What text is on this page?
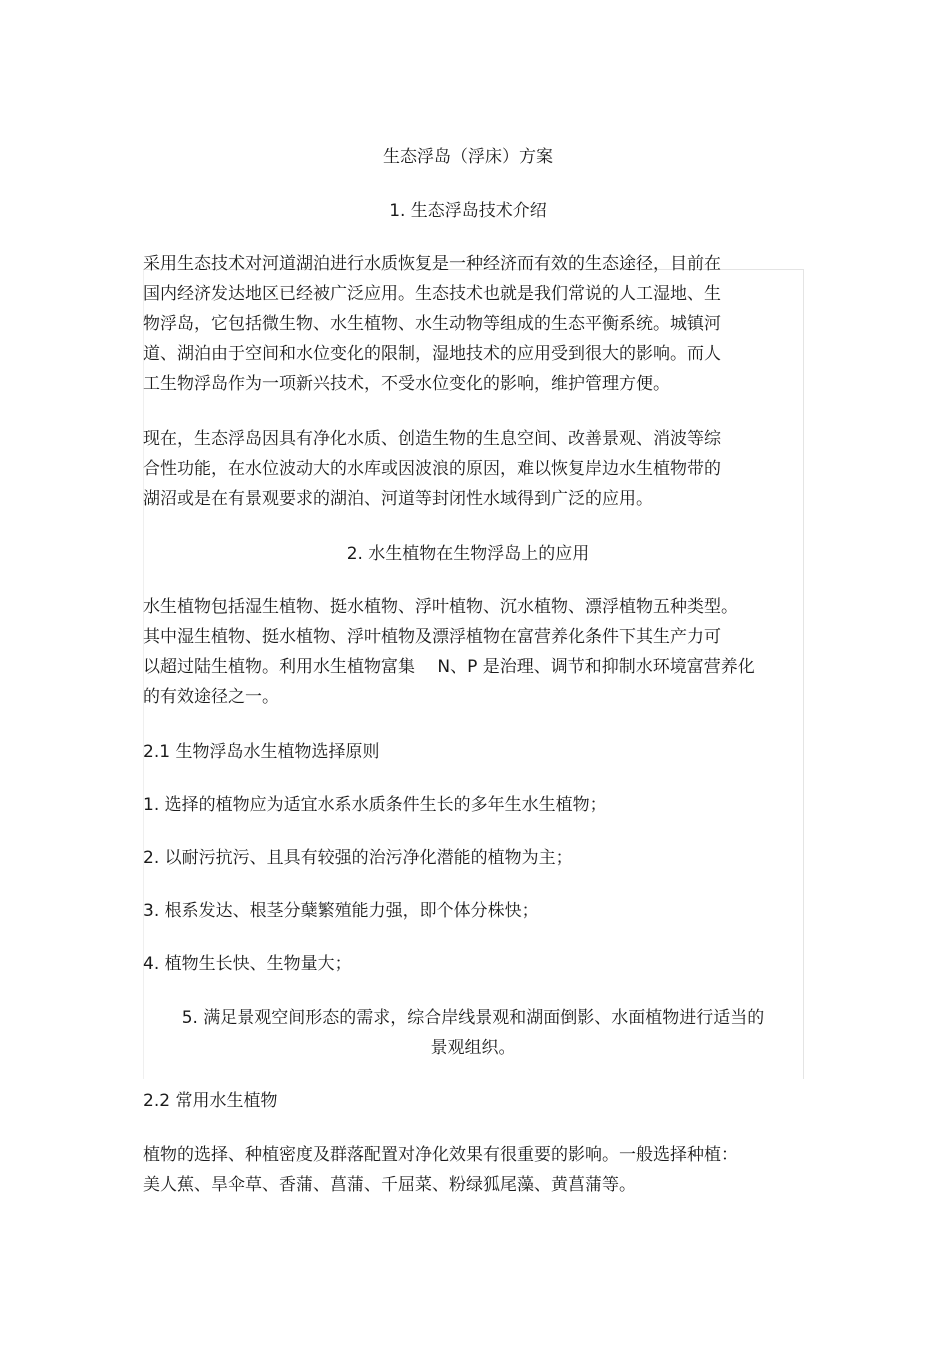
生态浮岛（浮床）方案
1. 生态浮岛技术介绍

采用生态技术对河道湖泊进行水质恢复是一种经济而有效的生态途径，目前在
国内经济发达地区已经被广泛应用。生态技术也就是我们常说的人工湿地、生
物浮岛，它包括微生物、水生植物、水生动物等组成的生态平衡系统。城镇河
道、湖泊由于空间和水位变化的限制，湿地技术的应用受到很大的影响。而人
工生物浮岛作为一项新兴技术，不受水位变化的影响，维护管理方便。

现在，生态浮岛因具有净化水质、创造生物的生息空间、改善景观、消波等综
合性功能，在水位波动大的水库或因波浪的原因，难以恢复岸边水生植物带的
湖沼或是在有景观要求的湖泊、河道等封闭性水域得到广泛的应用。

2. 水生植物在生物浮岛上的应用

水生植物包括湿生植物、挺水植物、浮叶植物、沉水植物、漂浮植物五种类型。
其中湿生植物、挺水植物、浮叶植物及漂浮植物在富营养化条件下其生产力可
以超过陆生植物。利用水生植物富集　 N、P 是治理、调节和抑制水环境富营养化
的有效途径之一。

2.1 生物浮岛水生植物选择原则

1. 选择的植物应为适宜水系水质条件生长的多年生水生植物；

2. 以耐污抗污、且具有较强的治污净化潜能的植物为主；

3. 根系发达、根茎分蘖繁殖能力强，即个体分株快；

4. 植物生长快、生物量大；

5. 满足景观空间形态的需求，综合岸线景观和湖面倒影、水面植物进行适当的
景观组织。

2.2 常用水生植物

植物的选择、种植密度及群落配置对净化效果有很重要的影响。一般选择种植：
美人蕉、旱伞草、香蒲、菖蒲、千屈菜、粉绿狐尾藻、黄菖蒲等。
